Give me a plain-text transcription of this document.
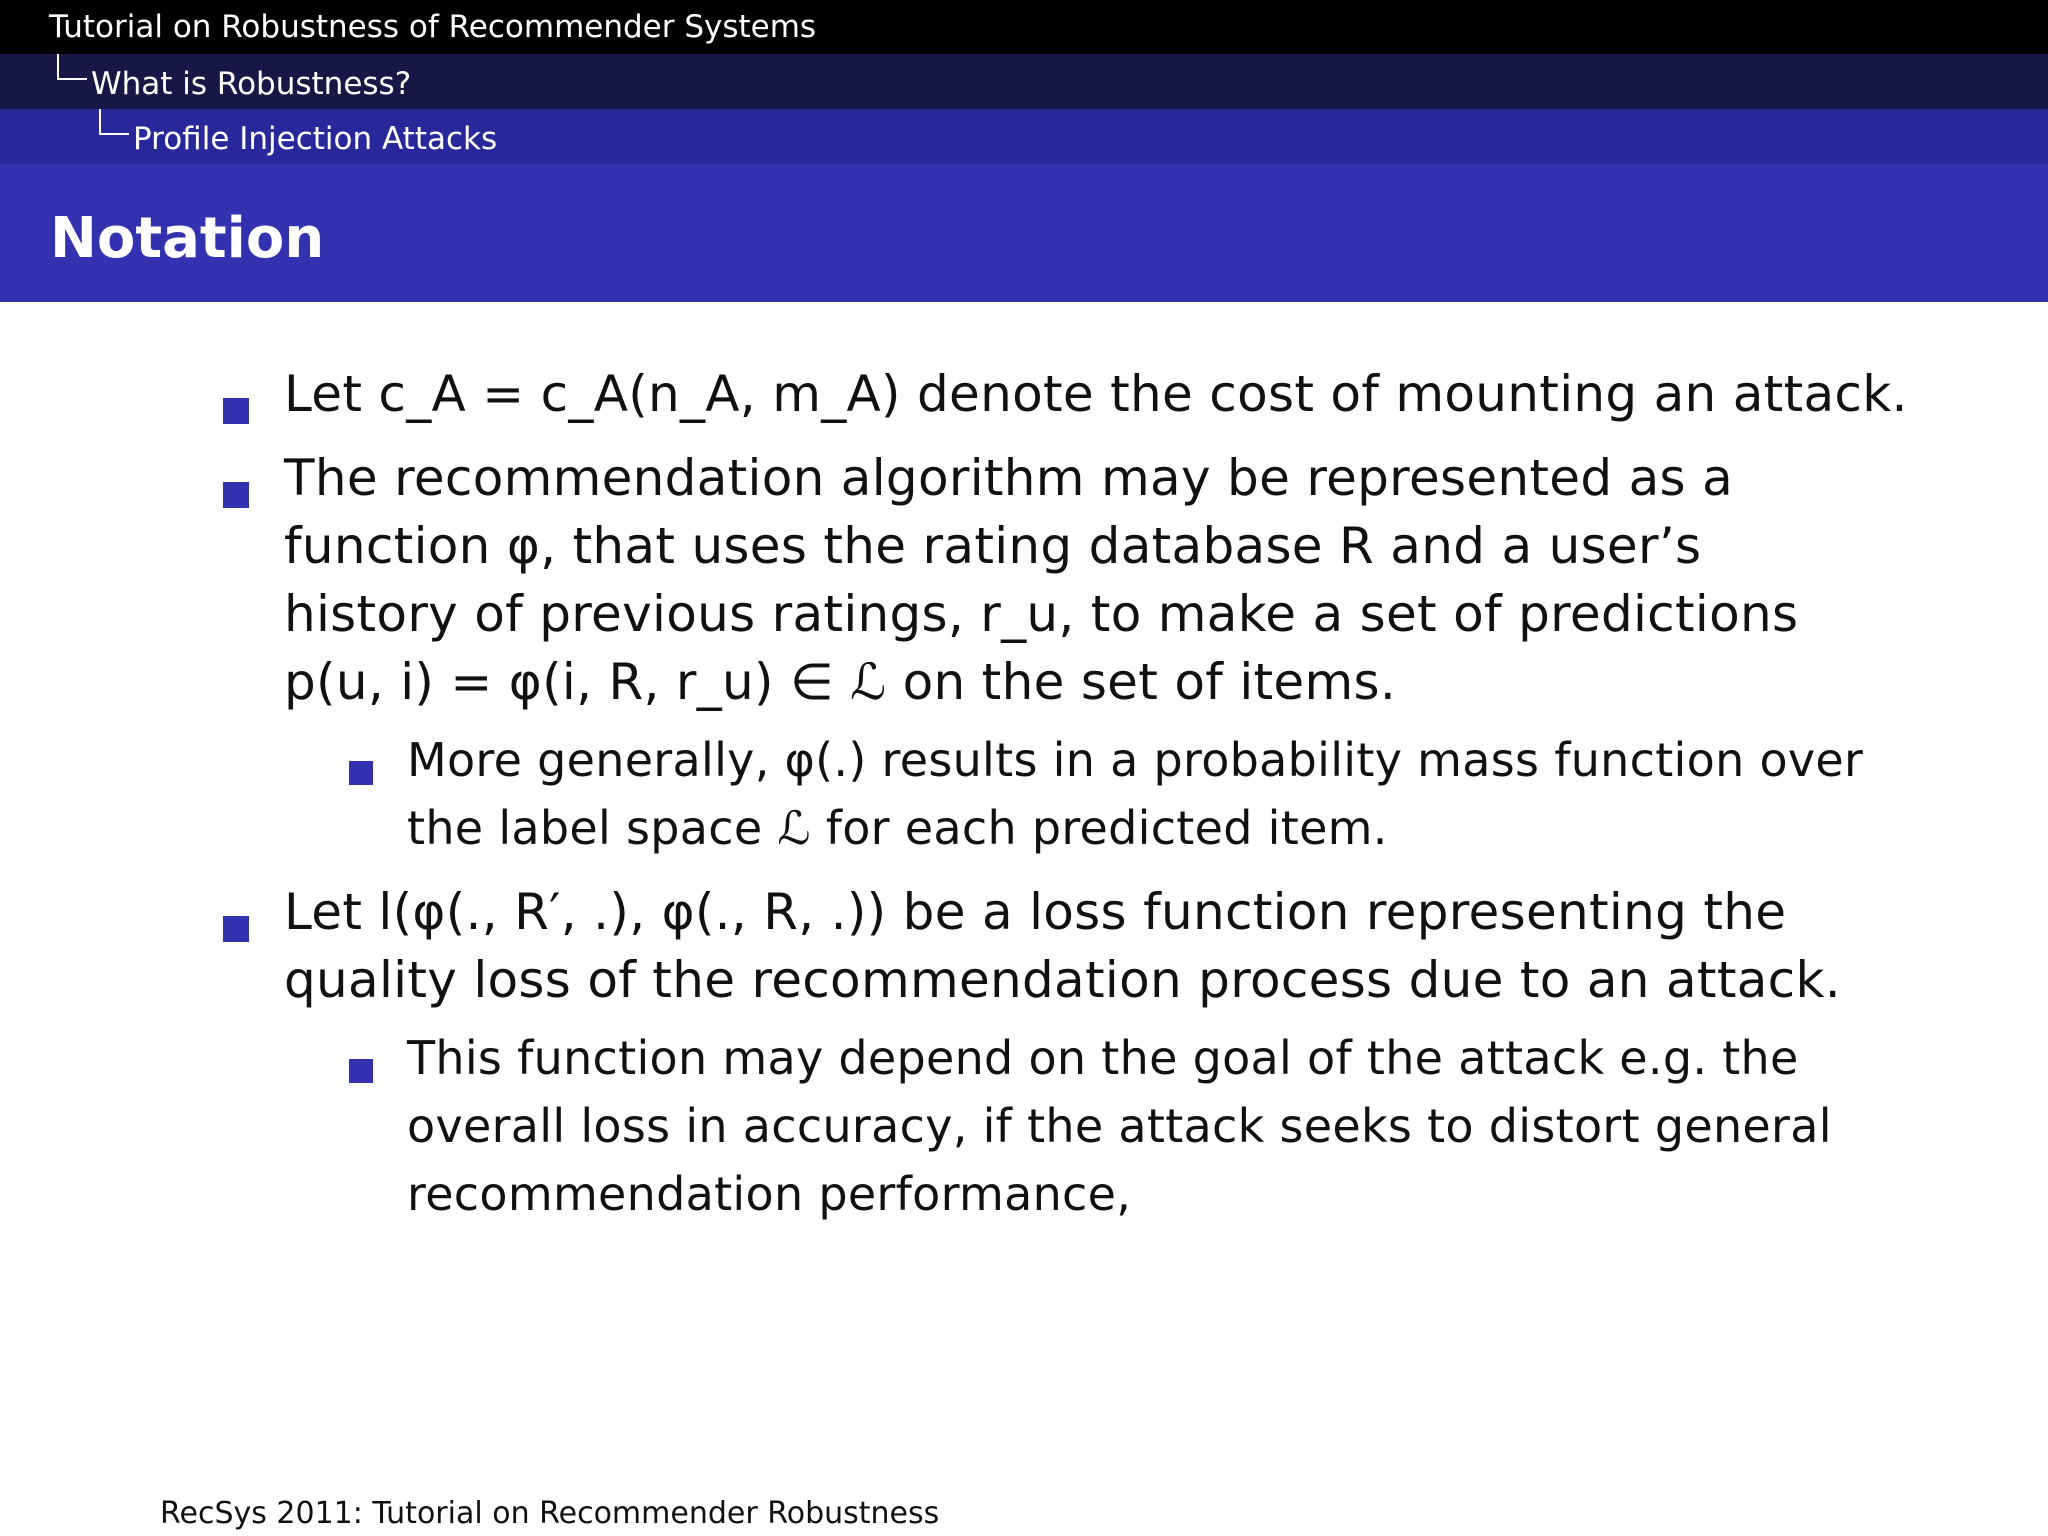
Tutorial on Robustness of Recommender Systems
What is Robustness?
Profile Injection Attacks
Notation
Let c_A = c_A(n_A, m_A) denote the cost of mounting an attack.
The recommendation algorithm may be represented as a
function φ, that uses the rating database R and a user’s
history of previous ratings, r_u, to make a set of predictions
p(u, i) = φ(i, R, r_u) ∈ ℒ on the set of items.
More generally, φ(.) results in a probability mass function over
the label space ℒ for each predicted item.
Let l(φ(., R′, .), φ(., R, .)) be a loss function representing the
quality loss of the recommendation process due to an attack.
This function may depend on the goal of the attack e.g. the
overall loss in accuracy, if the attack seeks to distort general
recommendation performance,
RecSys 2011: Tutorial on Recommender Robustness
